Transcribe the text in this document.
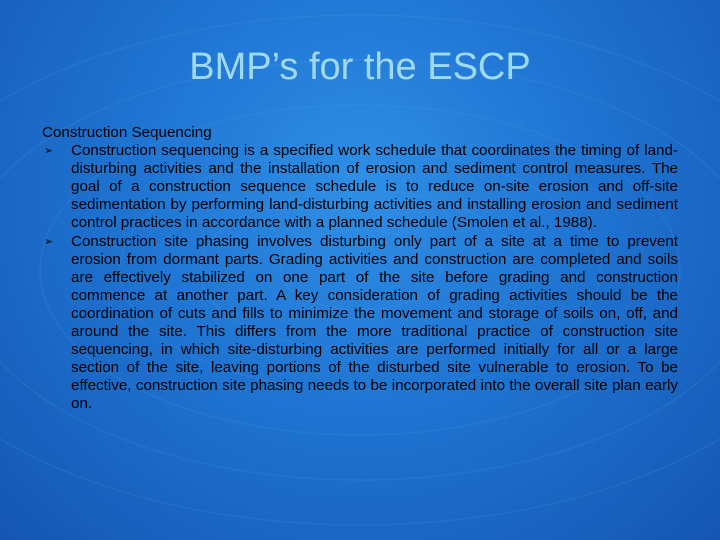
BMP’s for the ESCP
Construction Sequencing
➢ Construction sequencing is a specified work schedule that coordinates the timing of land-disturbing activities and the installation of erosion and sediment control measures. The goal of a construction sequence schedule is to reduce on-site erosion and off-site sedimentation by performing land-disturbing activities and installing erosion and sediment control practices in accordance with a planned schedule (Smolen et al., 1988).
➢ Construction site phasing involves disturbing only part of a site at a time to prevent erosion from dormant parts. Grading activities and construction are completed and soils are effectively stabilized on one part of the site before grading and construction commence at another part. A key consideration of grading activities should be the coordination of cuts and fills to minimize the movement and storage of soils on, off, and around the site. This differs from the more traditional practice of construction site sequencing, in which site-disturbing activities are performed initially for all or a large section of the site, leaving portions of the disturbed site vulnerable to erosion. To be effective, construction site phasing needs to be incorporated into the overall site plan early on.
